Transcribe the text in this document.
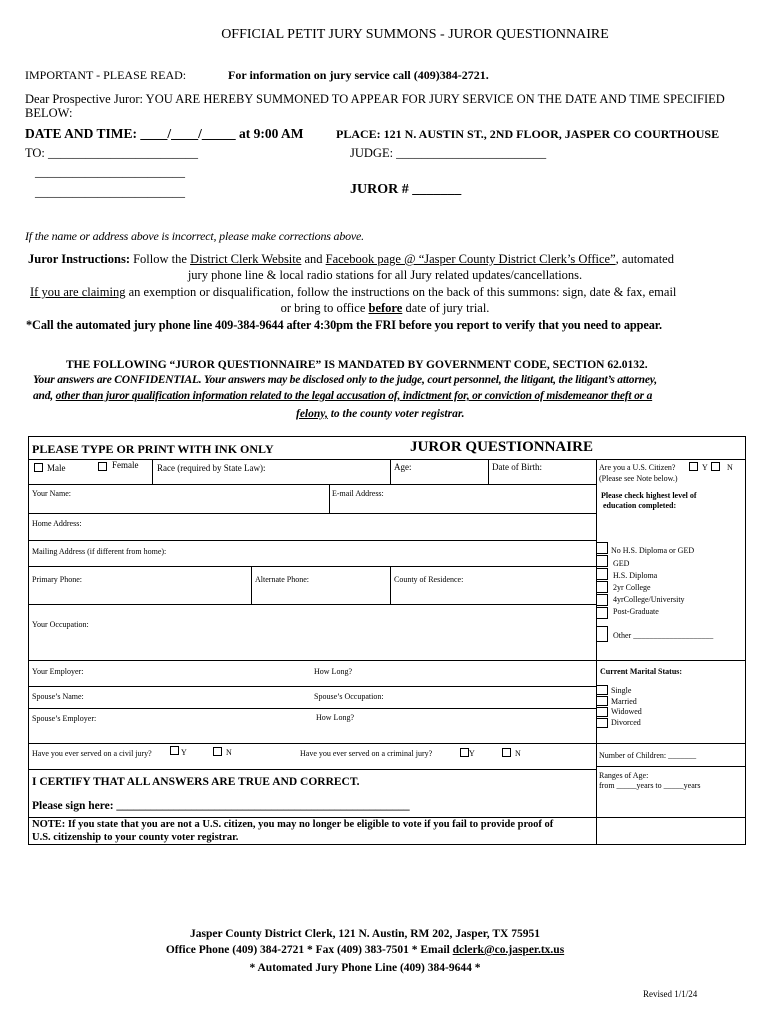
OFFICIAL PETIT JURY SUMMONS - JUROR QUESTIONNAIRE
IMPORTANT - PLEASE READ:	For information on jury service call (409)384-2721.
Dear Prospective Juror: YOU ARE HEREBY SUMMONED TO APPEAR FOR JURY SERVICE ON THE DATE AND TIME SPECIFIED
BELOW:
DATE AND TIME: ____/____/_____ at 9:00 AM	PLACE: 121 N. AUSTIN ST., 2ND FLOOR, JASPER CO COURTHOUSE
TO: ________________________	JUDGE: ________________________
________________________
________________________	JUROR # _______
If the name or address above is incorrect, please make corrections above.
Juror Instructions: Follow the District Clerk Website and Facebook page @ “Jasper County District Clerk’s Office”, automated
jury phone line & local radio stations for all Jury related updates/cancellations.
If you are claiming an exemption or disqualification, follow the instructions on the back of this summons: sign, date & fax, email
or bring to office before date of jury trial.
*Call the automated jury phone line 409-384-9644 after 4:30pm the FRI before you report to verify that you need to appear.
THE FOLLOWING “JUROR QUESTIONNAIRE” IS MANDATED BY GOVERNMENT CODE, SECTION 62.0132.
Your answers are CONFIDENTIAL. Your answers may be disclosed only to the judge, court personnel, the litigant, the litigant’s attorney,
and, other than juror qualification information related to the legal accusation of, indictment for, or conviction of misdemeanor theft or a
felony, to the county voter registrar.
PLEASE TYPE OR PRINT WITH INK ONLY	JUROR QUESTIONNAIRE
Male	Female Race (required by State Law):	Age:	Date of Birth:	Are you a U.S. Citizen?	Y N
(Please see Note below.)
Your Name:	E-mail Address:	Please check highest level of
education completed:
Home Address:
Mailing Address (if different from home):
Primary Phone:	Alternate Phone:	County of Residence:
Your Occupation:
No H.S. Diploma or GED
GED
H.S. Diploma
2yr College
4yrCollege/University
Post-Graduate
Other ____________________
Your Employer:	How Long?	Current Marital Status:
Spouse’s Name:	Spouse’s Occupation:
Spouse’s Employer:	How Long?
Single
Married
Widowed
Divorced
Have you ever served on a civil jury?	Y	N	Have you ever served on a criminal jury?	Y	N	Number of Children: _______
I CERTIFY THAT ALL ANSWERS ARE TRUE AND CORRECT.
Ranges of Age:
from _____years to _____years
Please sign here: ___________________________________________________
NOTE: If you state that you are not a U.S. citizen, you may no longer be eligible to vote if you fail to provide proof of
U.S. citizenship to your county voter registrar.
Jasper County District Clerk, 121 N. Austin, RM 202, Jasper, TX 75951
Office Phone (409) 384-2721 * Fax (409) 383-7501 * Email dclerk@co.jasper.tx.us
* Automated Jury Phone Line (409) 384-9644 *
Revised 1/1/24
